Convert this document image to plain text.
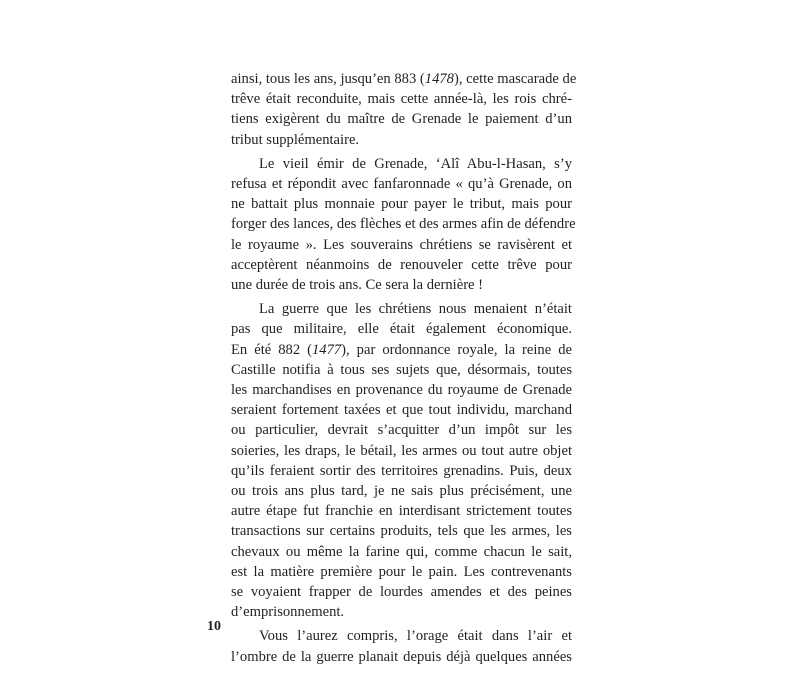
ainsi, tous les ans, jusqu’en 883 (1478), cette mascarade de
trêve était reconduite, mais cette année-là, les rois chré-
tiens exigèrent du maître de Grenade le paiement d’un
tribut supplémentaire.

Le vieil émir de Grenade, ‘Alî Abu-l-Hasan, s’y
refusa et répondit avec fanfaronnade « qu’à Grenade, on
ne battait plus monnaie pour payer le tribut, mais pour
forger des lances, des flèches et des armes afin de défendre
le royaume ». Les souverains chrétiens se ravisèrent et
acceptèrent néanmoins de renouveler cette trêve pour
une durée de trois ans. Ce sera la dernière !

La guerre que les chrétiens nous menaient n’était
pas que militaire, elle était également économique.
En été 882 (1477), par ordonnance royale, la reine de
Castille notifia à tous ses sujets que, désormais, toutes
les marchandises en provenance du royaume de Grenade
seraient fortement taxées et que tout individu, marchand
ou particulier, devrait s’acquitter d’un impôt sur les
soieries, les draps, le bétail, les armes ou tout autre objet
qu’ils feraient sortir des territoires grenadins. Puis, deux
ou trois ans plus tard, je ne sais plus précisément, une
autre étape fut franchie en interdisant strictement toutes
transactions sur certains produits, tels que les armes, les
chevaux ou même la farine qui, comme chacun le sait,
est la matière première pour le pain. Les contrevenants
se voyaient frapper de lourdes amendes et des peines
d’emprisonnement.

Vous l’aurez compris, l’orage était dans l’air et
l’ombre de la guerre planait depuis déjà quelques années

10
